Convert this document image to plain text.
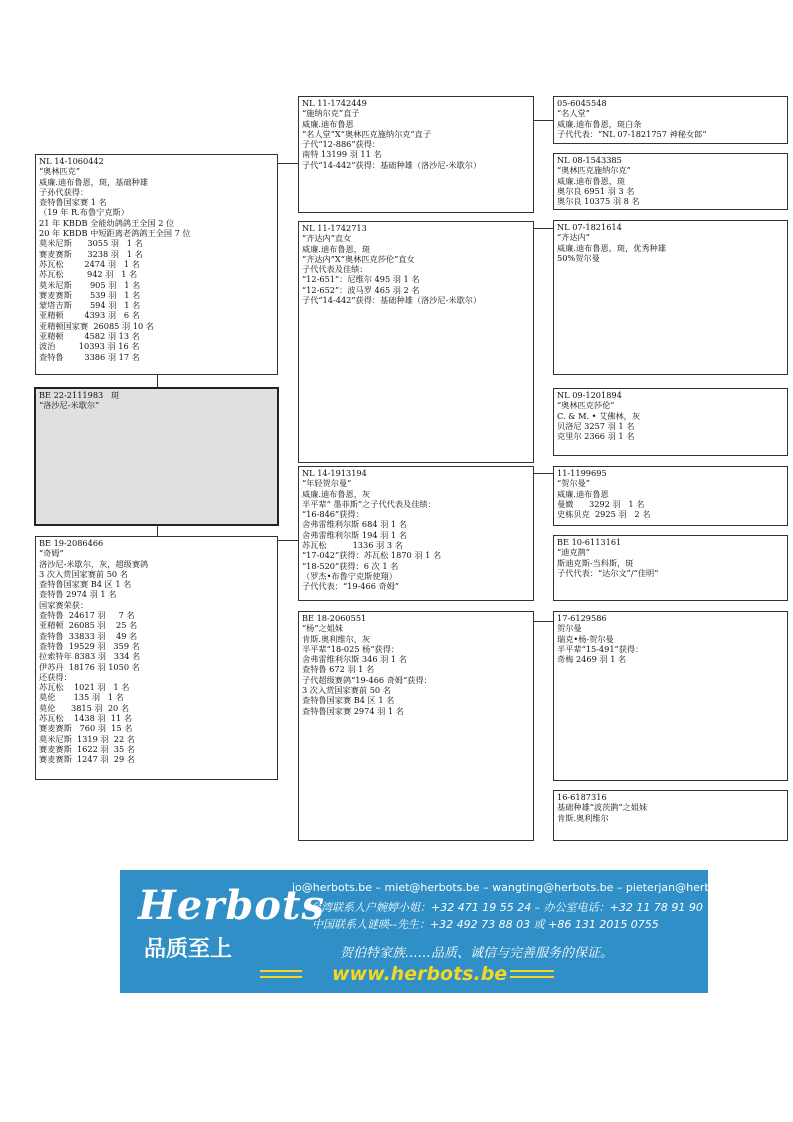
NL 14-1060442
“奥林匹克”
威廉.迪布鲁恩，斑，基础种雄
子孙代获得：
查特鲁国家赛 1 名
（19 年 R.布鲁宁克斯）
21 年 KBDB 全能幼鸽鸽王全国 2 位
20 年 KBDB 中短距离老鸽鸽王全国 7 位
莫米尼斯      3055 羽   1 名
赛麦赛斯      3238 羽   1 名
苏瓦松        2474 羽   1 名
苏瓦松         942 羽   1 名
莫米尼斯       905 羽   1 名
赛麦赛斯       539 羽   1 名
蒙塔吉斯       594 羽   1 名
亚精顿        4393 羽   6 名
亚精顿国家赛  26085 羽 10 名
亚精顿        4582 羽 13 名
波治         10393 羽 16 名
查特鲁        3386 羽 17 名
BE 22-2111983   斑
“洛沙尼-米歇尔”
BE 19-2086466
“奇姆”
洛沙尼-米歇尔，灰，超级赛鸽
3 次入赏国家赛前 50 名
查特鲁国家赛 B4 区 1 名
查特鲁 2974 羽 1 名
国家赛荣获：
查特鲁  24617 羽     7 名
亚精顿  26085 羽    25 名
查特鲁  33833 羽    49 名
查特鲁  19529 羽   359 名
拉索特年 8383 羽   334 名
伊苏丹  18176 羽 1050 名
还获得：
苏瓦松    1021 羽   1 名
莫伦       135 羽   1 名
莫伦      3815 羽  20 名
苏瓦松    1438 羽  11 名
赛麦赛斯   760 羽  15 名
莫米尼斯  1319 羽  22 名
赛麦赛斯  1622 羽  35 名
赛麦赛斯  1247 羽  29 名
NL 11-1742449
“施纳尔克”直子
威廉.迪布鲁恩
“名人堂”X“奥林匹克施纳尔克”直子
子代“12-886”获得：
南特 13199 羽 11 名
子代“14-442”获得：基础种雄（洛沙尼-米歇尔）
NL 11-1742713
“齐达内”直女
威廉.迪布鲁恩，斑
“齐达内”X“奥林匹克莎伦”直女
子代代表及佳绩：
“12-651”：尼维尔 495 羽 1 名
“12-652”：波马罗 465 羽 2 名
子代“14-442”获得：基础种雄（洛沙尼-米歇尔）
NL 14-1913194
“年轻贺尔曼”
威廉.迪布鲁恩，灰
半平辈“ 墨菲斯”之子代代表及佳绩：
“16-846”获得：
舍弗雷维利尔斯 684 羽 1 名
舍弗雷维利尔斯 194 羽 1 名
苏瓦松          1336 羽 3 名
“17-042”获得：苏瓦松 1870 羽 1 名
“18-520”获得：6 次 1 名
（罗杰•布鲁宁克斯使翔）
子代代表：“19-466 奇姆”
BE 18-2060551
“杨”之姐妹
肯斯.奥利维尔，灰
半平辈“18-025 杨”获得：
舍弗雷维利尔斯 346 羽 1 名
查特鲁 672 羽 1 名
子代超级赛鸽“19-466 奇姆”获得：
3 次入赏国家赛前 50 名
查特鲁国家赛 B4 区 1 名
查特鲁国家赛 2974 羽 1 名
05-6045548
“名人堂”
威廉.迪布鲁恩，斑白条
子代代表：“NL 07-1821757 神秘女郎”
NL 08-1543385
“奥林匹克施纳尔克”
威廉.迪布鲁恩，斑
奥尔良 6951 羽 3 名
奥尔良 10375 羽 8 名
NL 07-1821614
“齐达内”
威廉.迪布鲁恩，斑，优秀种雄
50%贺尔曼
NL 09-1201894
“奥林匹克莎伦”
C. & M. • 艾佛林，灰
贝洛尼 3257 羽 1 名
克里尔 2366 羽 1 名
11-1199695
“贺尔曼”
威廉.迪布鲁恩
曼媺      3292 羽   1 名
史栋贝克  2925 羽   2 名
BE 10-6113161
“迪克鹊”
斯迪克斯-当科斯，斑
子代代表：“达尔文”/“佳明”
17-6129586
贺尔曼
瑞克•杨-贺尔曼
半平辈“15-491”获得：
奇梅 2469 羽 1 名
16-6187316
基础种雄“波茨鹊”之姐妹
肯斯.奥利维尔
Herbots
品质至上
jo@herbots.be – miet@herbots.be – wangting@herbots.be – pieterjan@herbots.be
台湾联系人户婉婷小姐：+32 471 19 55 24 – 办公室电话：+32 11 78 91 90
中国联系人谜暎--先生：+32 492 73 88 03 或 +86 131 2015 0755
贺伯特家族……品质、诚信与完善服务的保证。
www.herbots.be
